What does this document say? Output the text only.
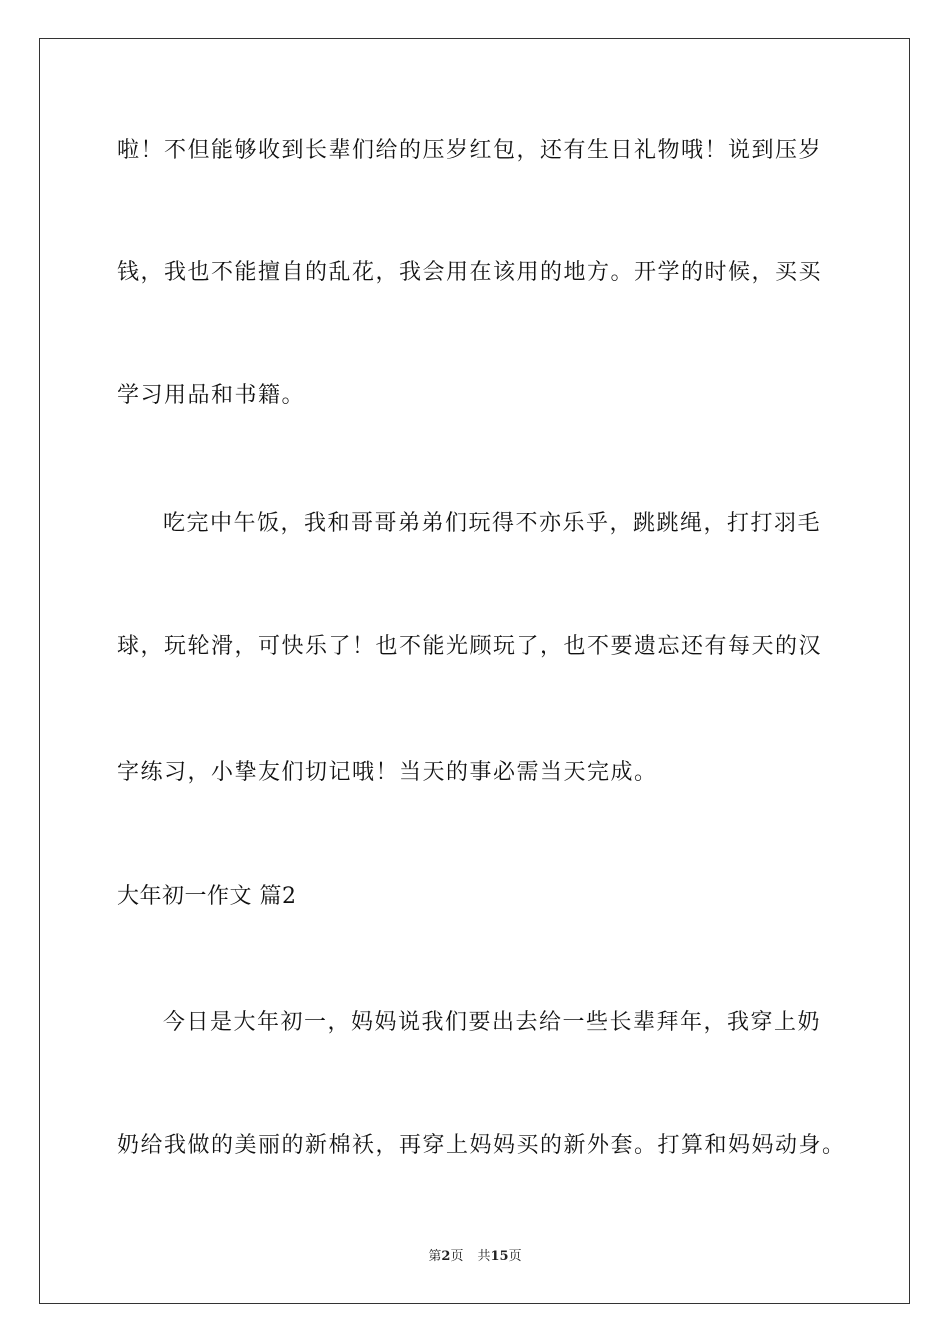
啦！不但能够收到长辈们给的压岁红包，还有生日礼物哦！说到压岁
钱，我也不能擅自的乱花，我会用在该用的地方。开学的时候，买买
学习用品和书籍。
吃完中午饭，我和哥哥弟弟们玩得不亦乐乎，跳跳绳，打打羽毛
球，玩轮滑，可快乐了！也不能光顾玩了，也不要遗忘还有每天的汉
字练习，小挚友们切记哦！当天的事必需当天完成。
大年初一作文 篇2
今日是大年初一，妈妈说我们要出去给一些长辈拜年，我穿上奶
奶给我做的美丽的新棉袄，再穿上妈妈买的新外套。打算和妈妈动身。
第2页 共15页
